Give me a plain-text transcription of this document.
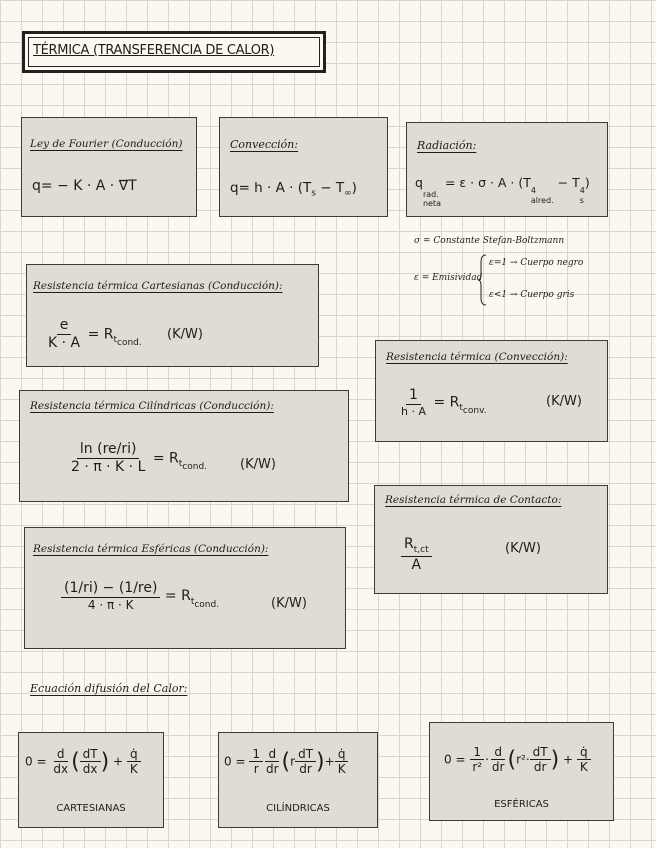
TÉRMICA (TRANSFERENCIA DE CALOR)
Ley de Fourier (Conducción)
q= − K · A · ∇⃗T
Convección:
$q= h \cdot A \cdot (T_s - T_\infty)$
Radiación:
q
rad.
neta
= ε · σ · A · (T
4
alred.
− T
4
s
)
σ = Constante Stefan-Boltzmann
ε = Emisividad
ε=1 → Cuerpo negro
ε<1 → Cuerpo gris
Resistencia térmica Cartesianas (Conducción):
$\frac{e}{K \cdot A} = R_{t_{cond.}}$
(K/W)
Resistencia térmica (Convección):
1
h · A
= $R_{t_{conv.}}$
(K/W)
Resistencia térmica Cilíndricas (Conducción):
$\frac{\ln (re/ri)}{2 \cdot \pi \cdot K \cdot L} = R_{t_{cond.}}$	(K/W)
Resistencia térmica de Contacto:
$\frac{R_{t,ct}}{A}$	(K/W)
Resistencia térmica Esféricas (Conducción):
$\frac{(1/ri) - (1/re)}{4 \cdot \pi \cdot K} = R_{t_{cond.}}$	(K/W)
Ecuación difusión del Calor:
$0 = \frac{d}{dx}$ ( $\frac{dT}{dx}$ ) + $\frac{q̇}{K}$
CARTESIANAS
$0 = \frac{1}{r} \frac{d}{dr} (r \frac{dT}{dr}$ )+ $\frac{q̇}{K}$
CILÍNDRICAS
$0 = \frac{1}{\text{r²}} \cdot \frac{d}{dr} (r^2\cdot \frac{dT}{dr}$ ) + $\frac{q̇}{K}$
ESFÉRICAS
